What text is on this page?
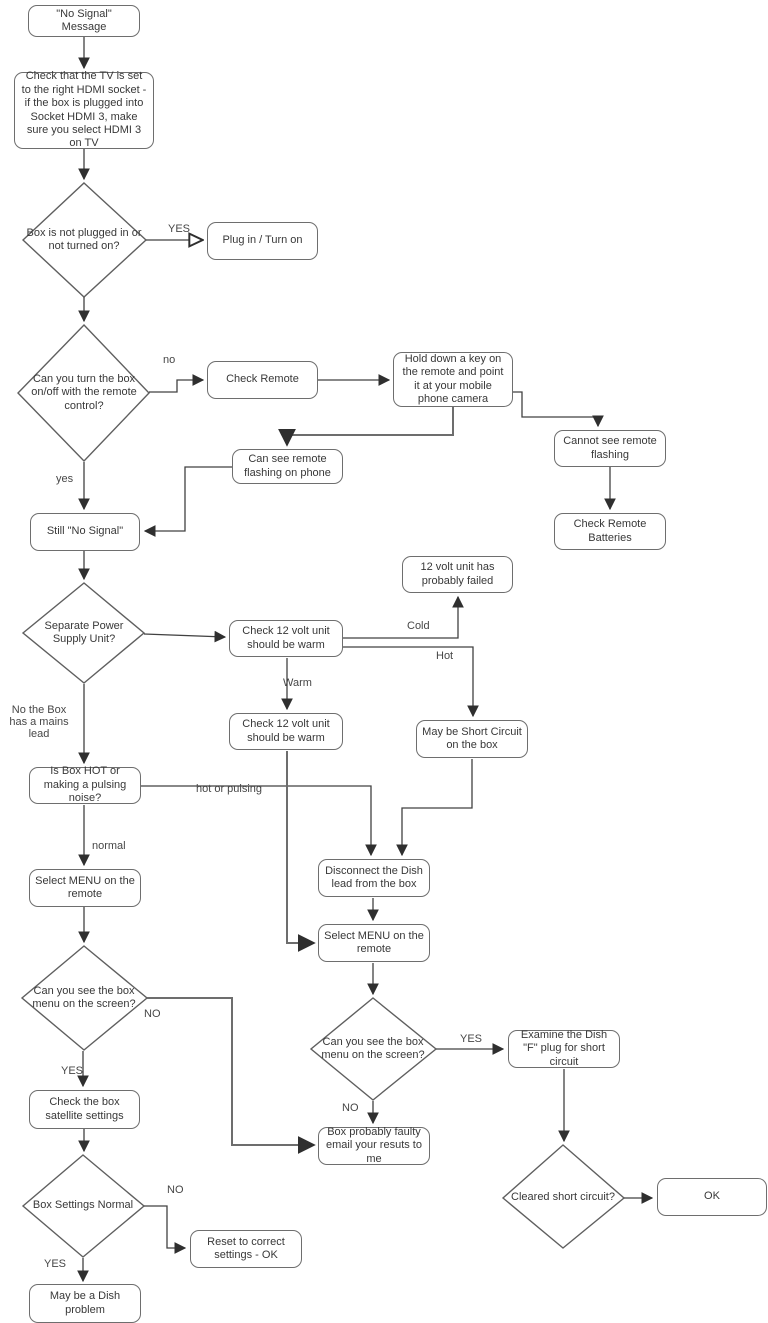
"No Signal" Message
Check that the TV is set to the right HDMI socket - if the box is plugged into Socket HDMI 3, make sure you select HDMI 3 on TV
Plug in / Turn on
Check Remote
Hold down a key on the remote and point it at your mobile phone camera
Cannot see remote flashing
Check Remote Batteries
Can see remote flashing on phone
Still "No Signal"
Check 12 volt unit should be warm
12 volt unit has probably failed
May be Short Circuit on the box
Check 12 volt unit should be warm
Is Box HOT or making a pulsing noise?
Select MENU on the remote
Disconnect the Dish lead from the box
Select MENU on the remote
Examine the Dish "F" plug for short circuit
Box probably faulty email your resuts to me
Check the box satellite settings
Reset to correct settings - OK
May be a Dish problem
OK
Box is not plugged in or not turned on?
Can you turn the box on/off with the remote control?
Separate Power Supply Unit?
Can you see the box menu on the screen?
Can you see the box menu on the screen?
Box Settings Normal
Cleared short circuit?
YES
no
yes
Cold
Hot
Warm
No the Box has a mains lead
hot or pulsing
normal
NO
YES
YES
NO
NO
YES
